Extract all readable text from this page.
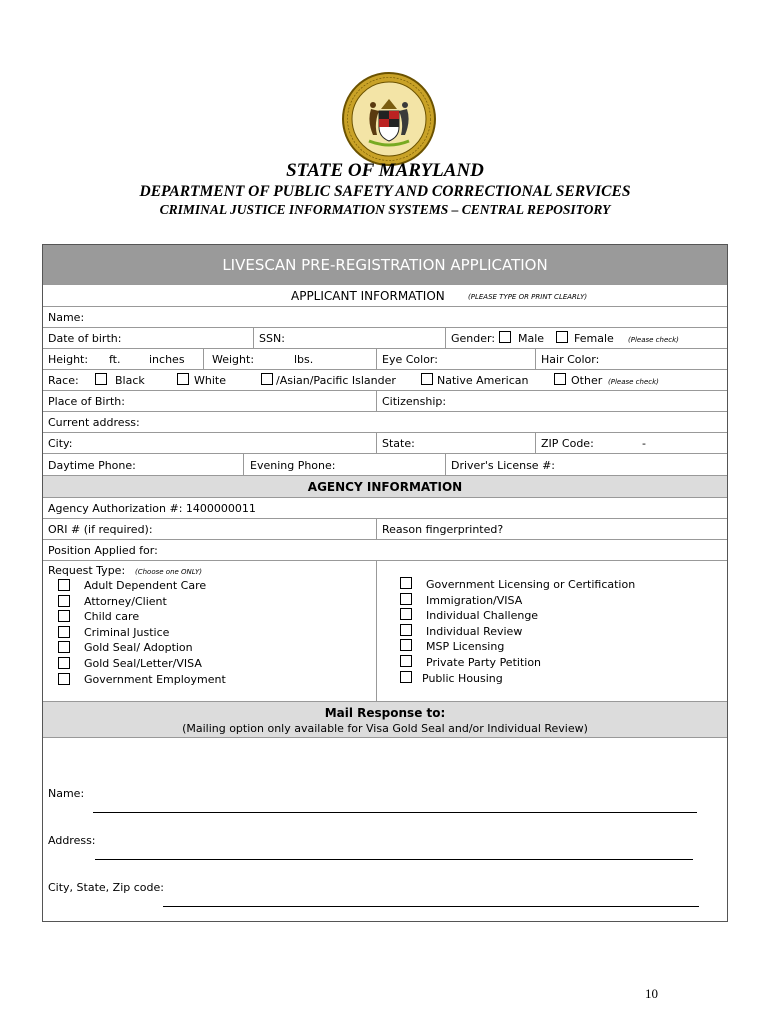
STATE OF MARYLAND
DEPARTMENT OF PUBLIC SAFETY AND CORRECTIONAL SERVICES
CRIMINAL JUSTICE INFORMATION SYSTEMS – CENTRAL REPOSITORY
LIVESCAN PRE-REGISTRATION APPLICATION
APPLICANT INFORMATION	(PLEASE TYPE OR PRINT CLEARLY)
Name:
Date of birth:	SSN:	Gender: Male	Female (Please check)
Height: ft.	inches Weight:	lbs.	Eye Color:	Hair Color:
Race:	Black	White	/Asian/Pacific Islander	Native American	Other (Please check)
Place of Birth:	Citizenship:
Current address:
City:	State:	ZIP Code:	-
Daytime Phone:	Evening Phone:	Driver's License #:
AGENCY INFORMATION
Agency Authorization #: 1400000011
ORI # (if required):	Reason fingerprinted?
Position Applied for:
Request Type: (Choose one ONLY)
Adult Dependent Care
Attorney/Client
Child care
Criminal Justice
Gold Seal/ Adoption
Gold Seal/Letter/VISA
Government Employment
Government Licensing or Certification
Immigration/VISA
Individual Challenge
Individual Review
MSP Licensing
Private Party Petition
Public Housing
Mail Response to:
(Mailing option only available for Visa Gold Seal and/or Individual Review)
Name:
Address:
City, State, Zip code:
10
